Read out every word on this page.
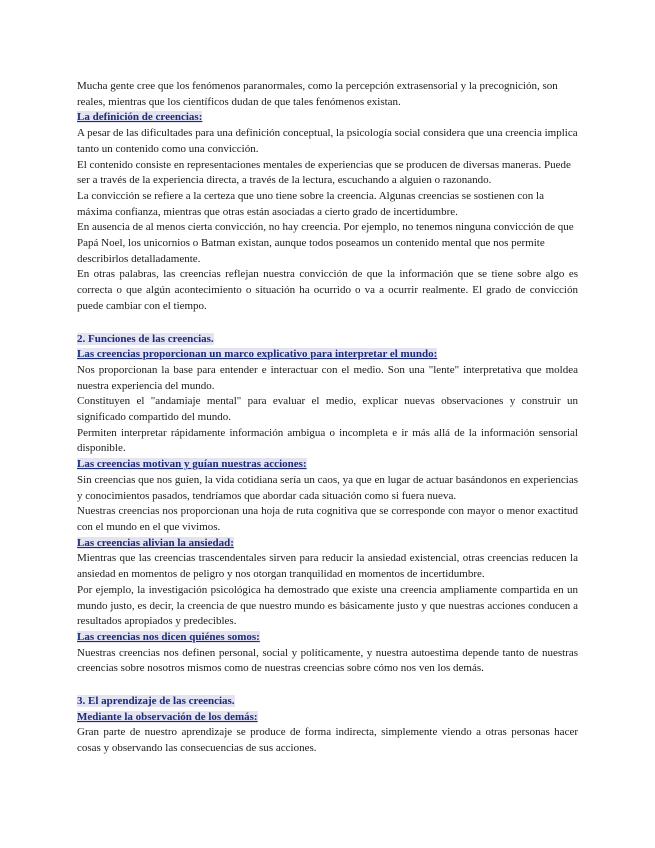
Mucha gente cree que los fenómenos paranormales, como la percepción extrasensorial y la precognición, son reales, mientras que los científicos dudan de que tales fenómenos existan.

La definición de creencias:

A pesar de las dificultades para una definición conceptual, la psicología social considera que una creencia implica tanto un contenido como una convicción.

El contenido consiste en representaciones mentales de experiencias que se producen de diversas maneras. Puede ser a través de la experiencia directa, a través de la lectura, escuchando a alguien o razonando.

La convicción se refiere a la certeza que uno tiene sobre la creencia. Algunas creencias se sostienen con la máxima confianza, mientras que otras están asociadas a cierto grado de incertidumbre.

En ausencia de al menos cierta convicción, no hay creencia. Por ejemplo, no tenemos ninguna convicción de que Papá Noel, los unicornios o Batman existan, aunque todos poseamos un contenido mental que nos permite describirlos detalladamente.

En otras palabras, las creencias reflejan nuestra convicción de que la información que se tiene sobre algo es correcta o que algún acontecimiento o situación ha ocurrido o va a ocurrir realmente. El grado de convicción puede cambiar con el tiempo.

2. Funciones de las creencias.
Las creencias proporcionan un marco explicativo para interpretar el mundo:

Nos proporcionan la base para entender e interactuar con el medio. Son una "lente" interpretativa que moldea nuestra experiencia del mundo.

Constituyen el "andamiaje mental" para evaluar el medio, explicar nuevas observaciones y construir un significado compartido del mundo.

Permiten interpretar rápidamente información ambigua o incompleta e ir más allá de la información sensorial disponible.

Las creencias motivan y guían nuestras acciones:

Sin creencias que nos guíen, la vida cotidiana sería un caos, ya que en lugar de actuar basándonos en experiencias y conocimientos pasados, tendríamos que abordar cada situación como si fuera nueva.

Nuestras creencias nos proporcionan una hoja de ruta cognitiva que se corresponde con mayor o menor exactitud con el mundo en el que vivimos.

Las creencias alivian la ansiedad:

Mientras que las creencias trascendentales sirven para reducir la ansiedad existencial, otras creencias reducen la ansiedad en momentos de peligro y nos otorgan tranquilidad en momentos de incertidumbre.

Por ejemplo, la investigación psicológica ha demostrado que existe una creencia ampliamente compartida en un mundo justo, es decir, la creencia de que nuestro mundo es básicamente justo y que nuestras acciones conducen a resultados apropiados y predecibles.

Las creencias nos dicen quiénes somos:

Nuestras creencias nos definen personal, social y políticamente, y nuestra autoestima depende tanto de nuestras creencias sobre nosotros mismos como de nuestras creencias sobre cómo nos ven los demás.

3. El aprendizaje de las creencias.
Mediante la observación de los demás:

Gran parte de nuestro aprendizaje se produce de forma indirecta, simplemente viendo a otras personas hacer cosas y observando las consecuencias de sus acciones.
